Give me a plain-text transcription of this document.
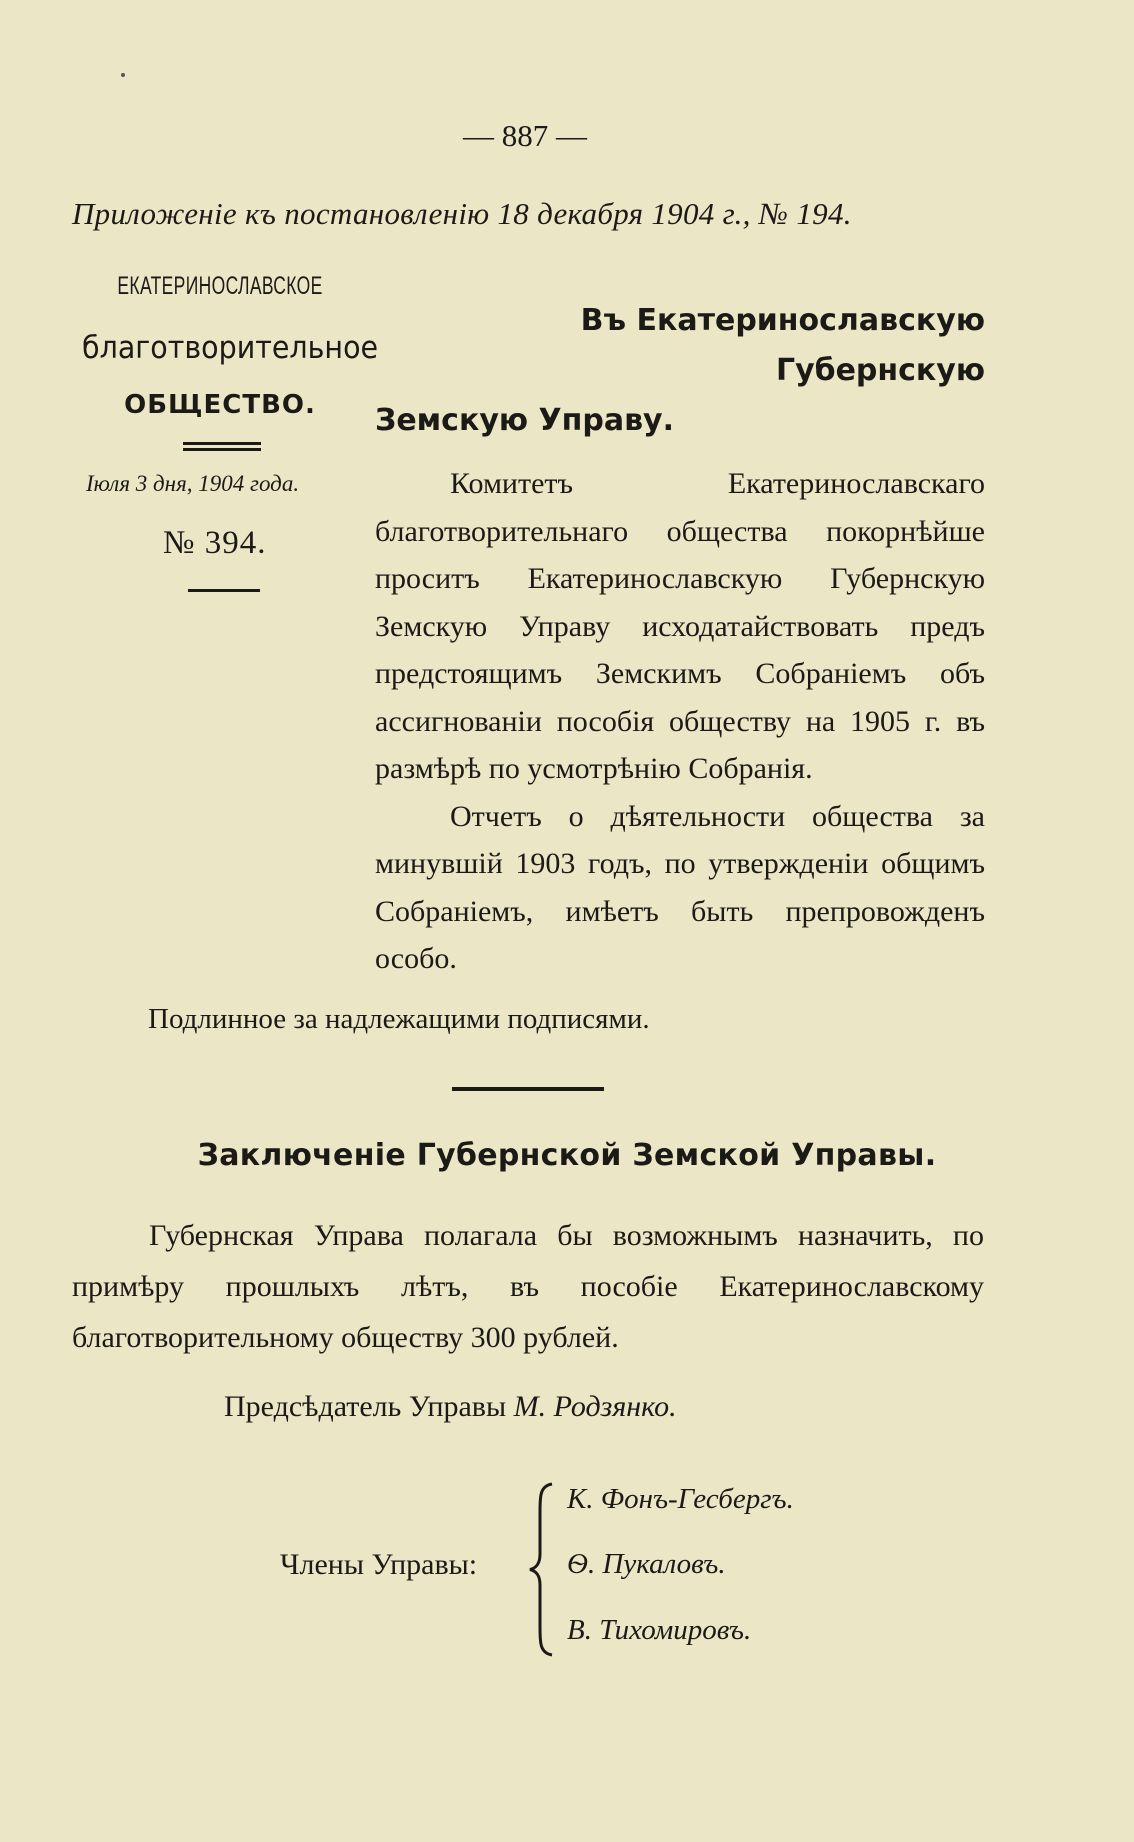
— 887 —
Приложеніе къ постановленію 18 декабря 1904 г., № 194.
ЕКАТЕРИНОСЛАВСКОЕ
благотворительное
ОБЩЕСТВО.
Іюля 3 дня, 1904 года.
№ 394.
Въ Екатеринославскую Губернскую
Земскую Управу.

Комитетъ Екатеринославскаго благотворительнаго общества покорнѣйше проситъ Екатеринославскую Губернскую Земскую Управу исходатайствовать предъ предстоящимъ Земскимъ Собраніемъ объ ассигнованіи пособія обществу на 1905 г. въ размѣрѣ по усмотрѣнію Собранія.

Отчетъ о дѣятельности общества за минувшій 1903 годъ, по утвержденіи общимъ Собраніемъ, имѣетъ быть препровожденъ особо.

Подлинное за надлежащими подписями.
Заключеніе Губернской Земской Управы.

Губернская Управа полагала бы возможнымъ назначить, по примѣру прошлыхъ лѣтъ, въ пособіе Екатеринославскому благотворительному обществу 300 рублей.

Предсѣдатель Управы М. Родзянко.
Члены Управы:
К. Фонъ-Гесбергъ.
Ѳ. Пукаловъ.
В. Тихомировъ.
